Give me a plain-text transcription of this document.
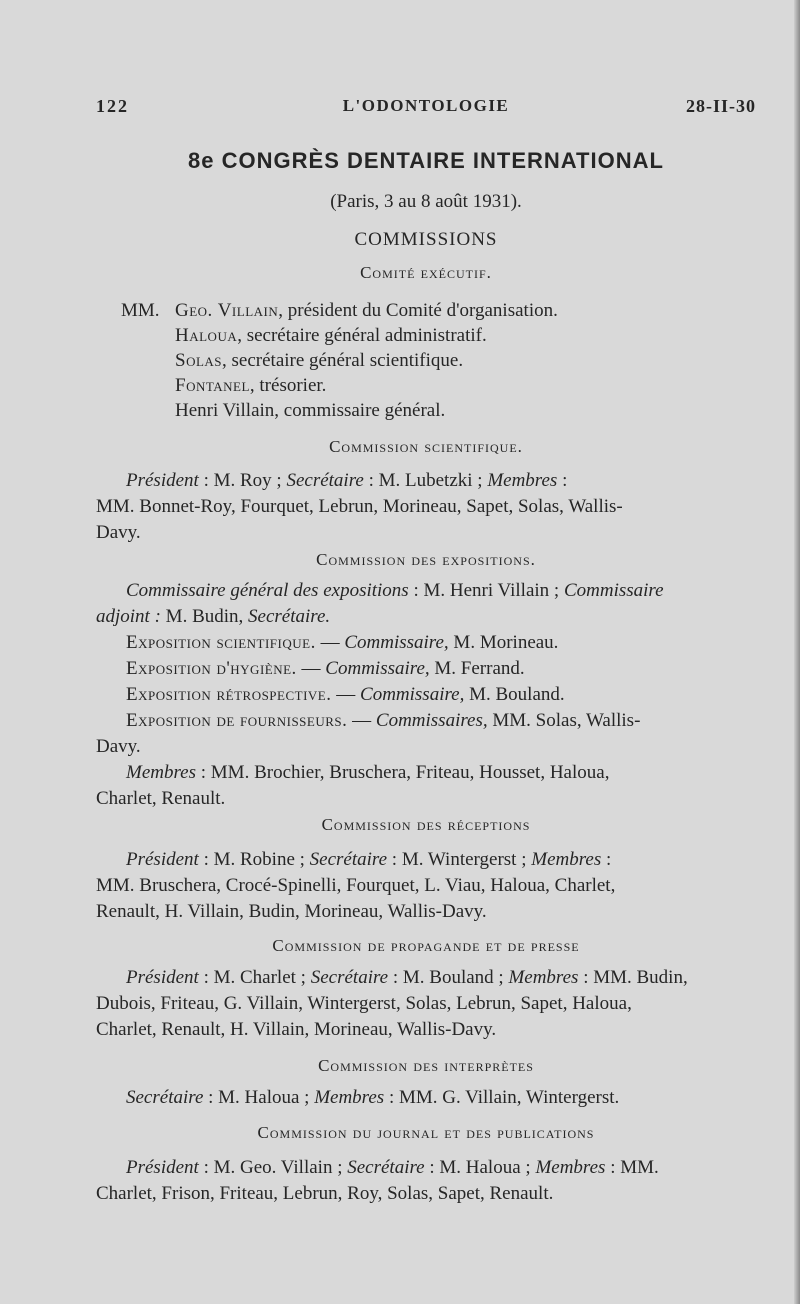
122	L'ODONTOLOGIE	28-II-30
8e CONGRÈS DENTAIRE INTERNATIONAL
(Paris, 3 au 8 août 1931).
COMMISSIONS
Comité exécutif.
MM. Geo. Villain, président du Comité d'organisation.
Haloua, secrétaire général administratif.
Solas, secrétaire général scientifique.
Fontanel, trésorier.
Henri Villain, commissaire général.
Commission scientifique.
Président : M. Roy ; Secrétaire : M. Lubetzki ; Membres :
MM. Bonnet-Roy, Fourquet, Lebrun, Morineau, Sapet, Solas, Wallis-
Davy.
Commission des expositions.
Commissaire général des expositions : M. Henri Villain ; Commissaire
adjoint : M. Budin, Secrétaire.
Exposition scientifique. — Commissaire, M. Morineau.
Exposition d'hygiène. — Commissaire, M. Ferrand.
Exposition rétrospective. — Commissaire, M. Bouland.
Exposition de fournisseurs. — Commissaires, MM. Solas, Wallis-
Davy.
Membres : MM. Brochier, Bruschera, Friteau, Housset, Haloua,
Charlet, Renault.
Commission des réceptions
Président : M. Robine ; Secrétaire : M. Wintergerst ; Membres :
MM. Bruschera, Crocé-Spinelli, Fourquet, L. Viau, Haloua, Charlet,
Renault, H. Villain, Budin, Morineau, Wallis-Davy.
Commission de propagande et de presse
Président : M. Charlet ; Secrétaire : M. Bouland ; Membres : MM. Budin,
Dubois, Friteau, G. Villain, Wintergerst, Solas, Lebrun, Sapet, Haloua,
Charlet, Renault, H. Villain, Morineau, Wallis-Davy.
Commission des interprètes
Secrétaire : M. Haloua ; Membres : MM. G. Villain, Wintergerst.
Commission du journal et des publications
Président : M. Geo. Villain ; Secrétaire : M. Haloua ; Membres : MM.
Charlet, Frison, Friteau, Lebrun, Roy, Solas, Sapet, Renault.
